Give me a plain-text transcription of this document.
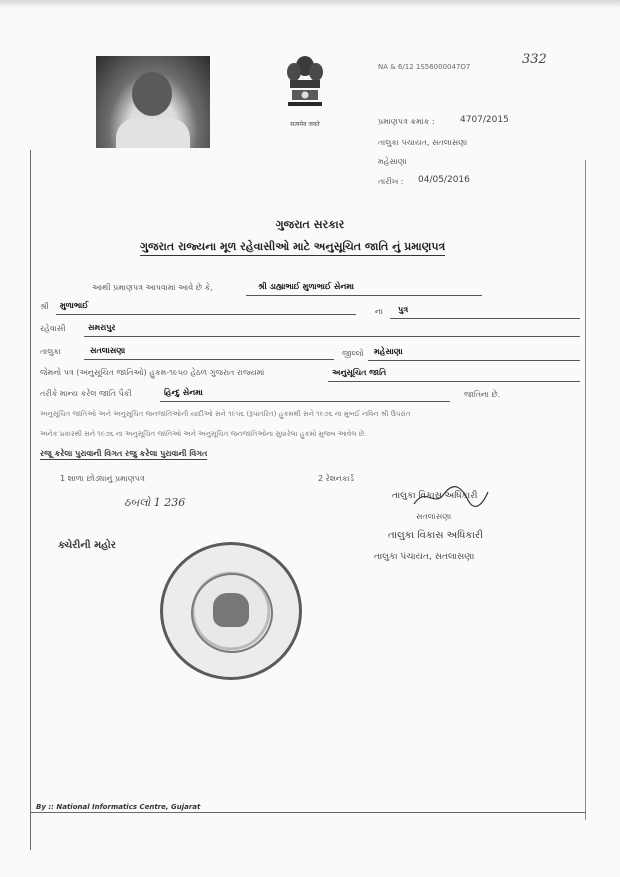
सत्यमेव जयते
NA & 6/12 1S56000047O7	332
પ્રમાણપત્ર ક્રમાંક :	4707/2015
તાલુકા પંચાયત, સતલાસણા
મહેસાણા
તારીખ : 04/05/2016
ગુજરાત સરકાર
ગુજરાત રાજ્યના મૂળ રહેવાસીઓ માટે અનુસૂચિત જાતિ નું પ્રમાણપત્ર
આથી પ્રમાણપત્ર આપવામાં આવે છે કે,	શ્રી ડાહ્યાભાઈ મુળાભાઈ સેનમા
શ્રી મુળાભાઈ
ના પુત્ર
રહેવાસી	સમરાપુર
તાલુકા	સતલાસણા	જીલ્લો મહેસાણા
જેમનો પત્ર (અનુસૂચિત જાતિઓ) હુકમ-૧૯૫૦ હેઠળ ગુજરાત રાજ્યમાં	અનુસૂચિત જાતિ
તરીકે માન્ય કરેલ જાતિ પૈકી	હિન્દુ સેનમા	જાતિના છે.
અનુસૂચિત જાતિઓ અને અનુસૂચિત જનજાતિઓની યાદીઓ સને ૧૯૫૬ (રૂપાંતરિત) હુકમથી સને ૧૯૭૬ ના મુંબઈ નવિન શ્રી ઉપરાંત
અનેક પ્રકારથી સને ૧૯૭૬ ના અનુસૂચિત જાતિઓ અને અનુસૂચિત જનજાતિઓના સુધારેલા હુકમો મુજબ આવેલ છે.
રજૂ કરેલા પુરાવાની વિગત રજુ કરેલા પુરાવાની વિગત
1 શાળા છોડ્યાનું પ્રમાણપત્ર
ઠબલો 1 236
2 રેશનકાર્ડ
તાલુકા વિકાસ અધિકારી
સતલાસણા
તાલુકા વિકાસ અધિકારી
તાલુકા પંચાયત, સતલાસણા
ક્ચેરીની મહોર
By :: National Informatics Centre, Gujarat
